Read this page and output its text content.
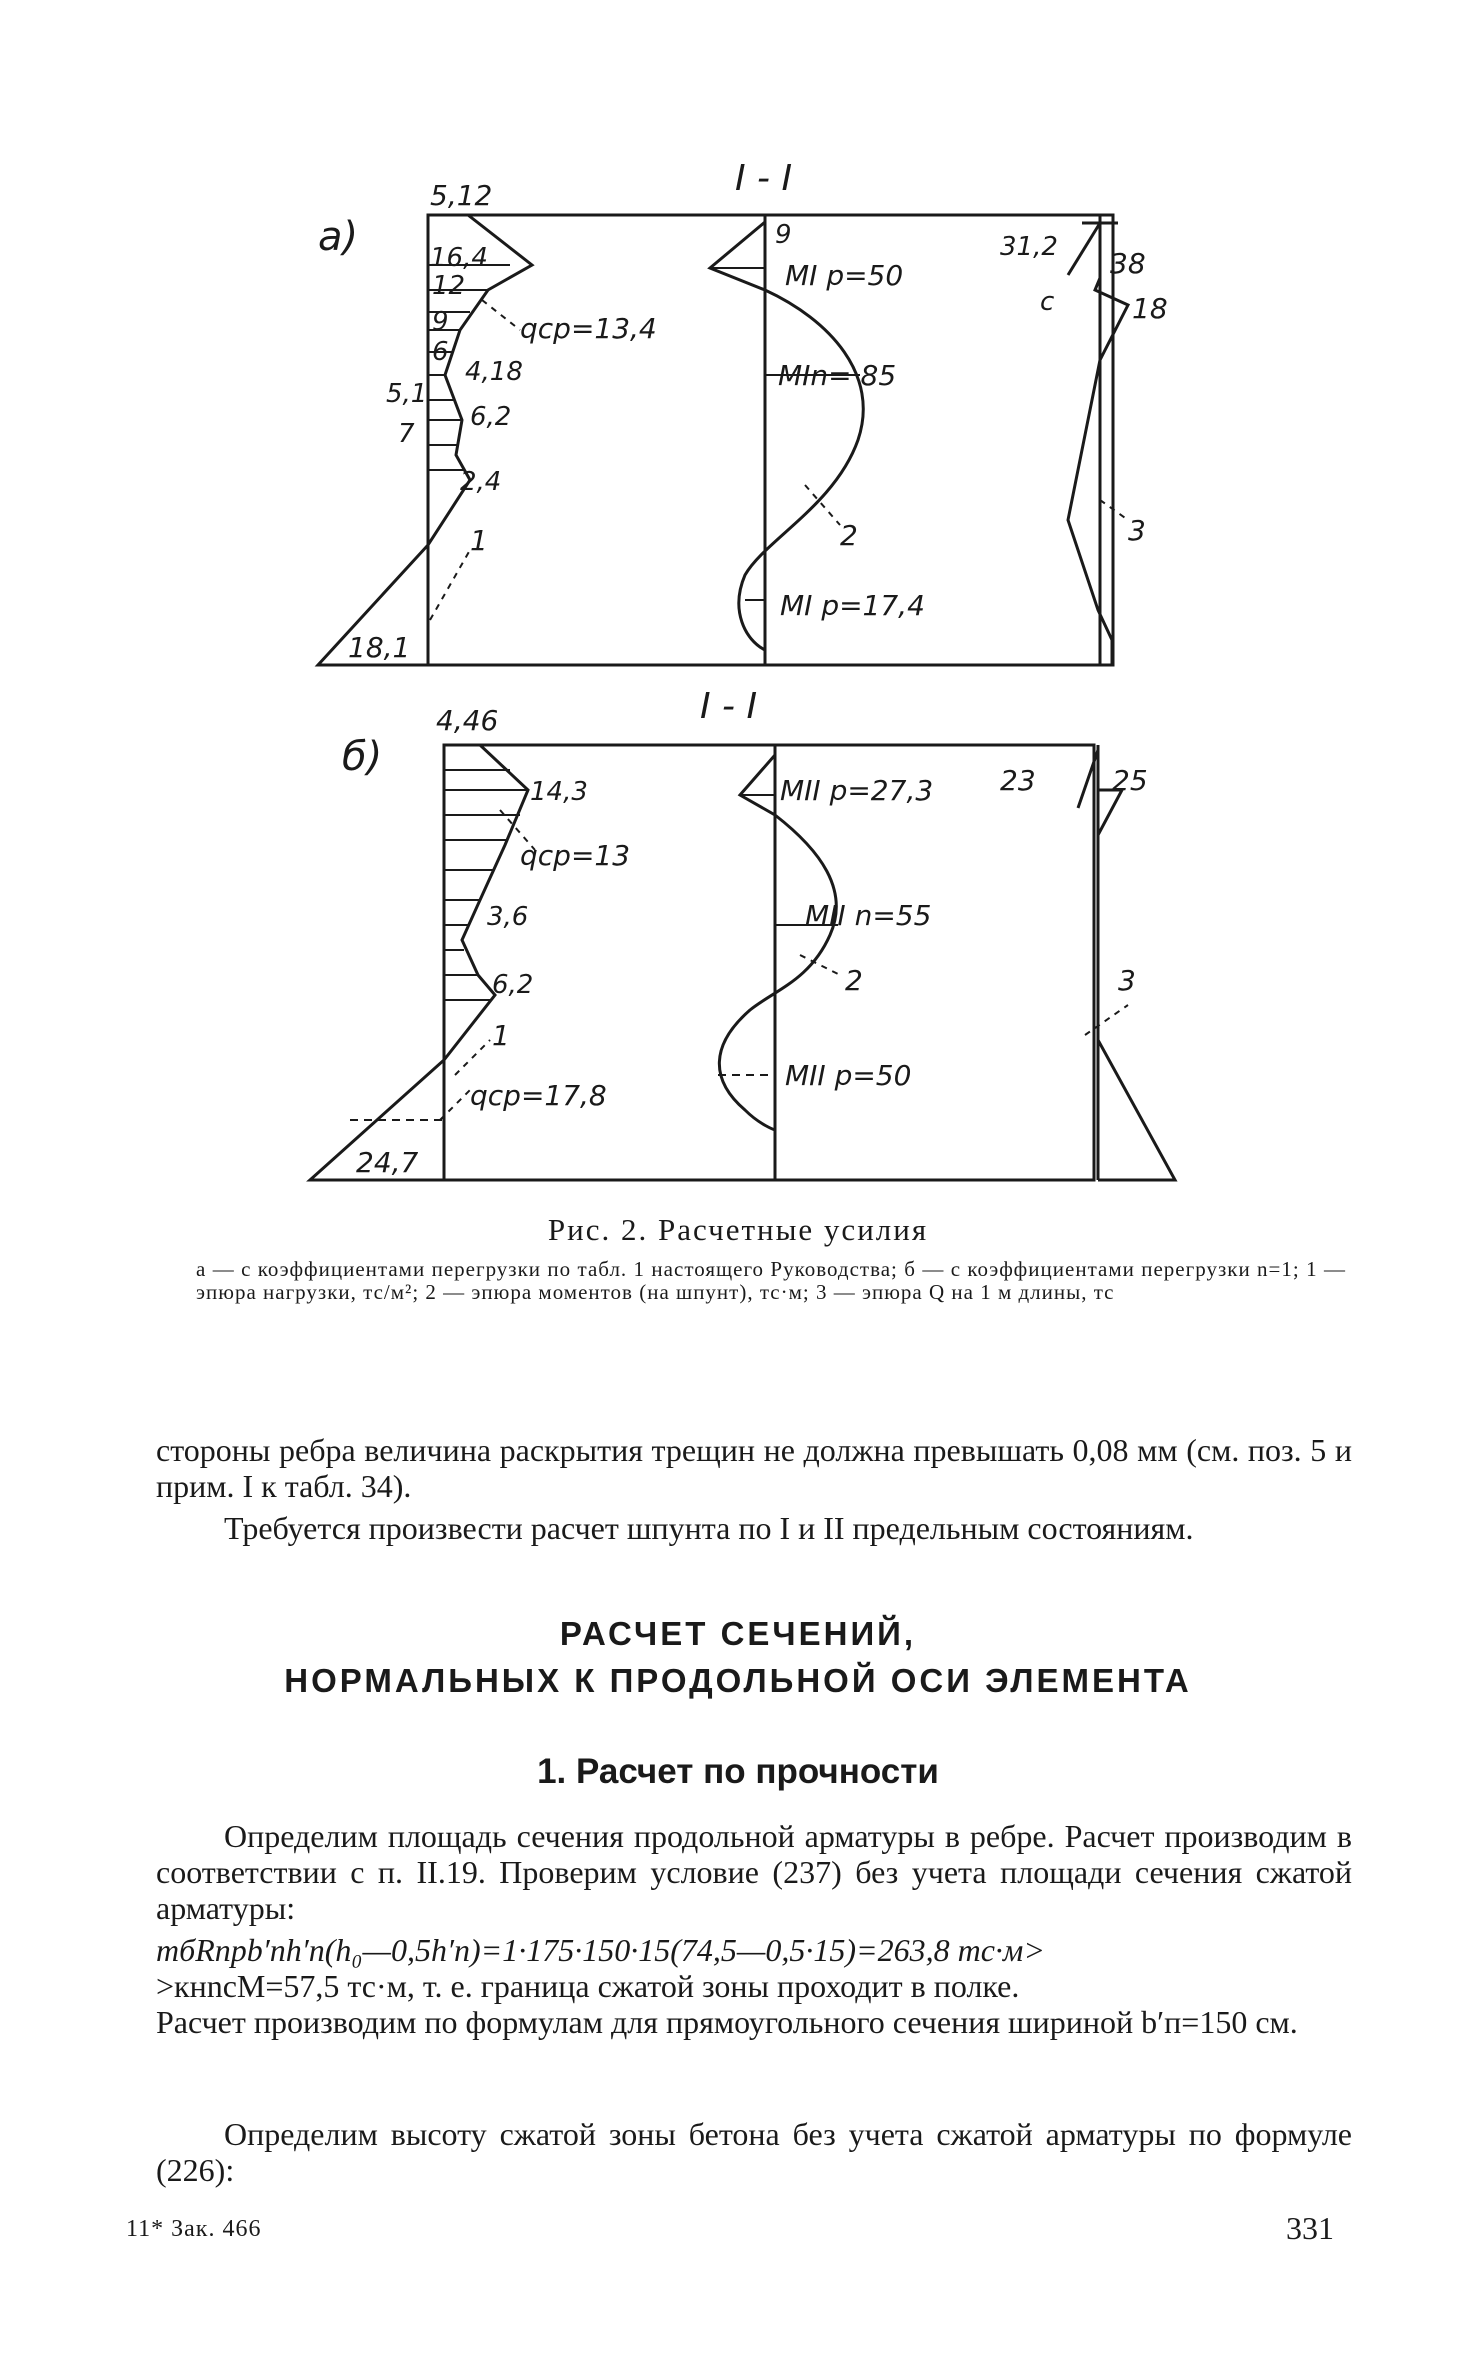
а)
I - I
5,12
16,4
12
9
6
qср=13,4
4,18
5,1
6,2
7
2,4
1
18,1
9
MI p=50
MIn= 85
2
MI p=17,4
31,2 38
c	18
3
б)
I - I
4,46
14,3
qср=13
3,6
6,2
1
qср=17,8
24,7
MII p=27,3
MII n=55
2
MII p=50
23	25
3
Рис. 2. Расчетные усилия
а — с коэффициентами перегрузки по табл. 1 настоящего Руководства; б — с коэффициентами перегрузки n=1; 1 — эпюра нагрузки, тс/м²; 2 — эпюра моментов (на шпунт), тс·м; 3 — эпюра Q на 1 м длины, тс
стороны ребра величина раскрытия трещин не должна превышать 0,08 мм (см. поз. 5 и прим. I к табл. 34).
Требуется произвести расчет шпунта по I и II предельным состояниям.
РАСЧЕТ СЕЧЕНИЙ,
НОРМАЛЬНЫХ К ПРОДОЛЬНОЙ ОСИ ЭЛЕМЕНТА
1. Расчет по прочности
Определим площадь сечения продольной арматуры в ребре. Расчет производим в соответствии с п. II.19. Проверим условие (237) без учета площади сечения сжатой арматуры:
mбRпрb′пh′п(h₀—0,5h′п)=1·175·150·15(74,5—0,5·15)=263,8 тс·м>
>кнnсM=57,5 тс·м, т. е. граница сжатой зоны проходит в полке.
Расчет производим по формулам для прямоугольного сечения шириной b′п=150 см.
Определим высоту сжатой зоны бетона без учета сжатой арматуры по формуле (226):
11* Зак. 466	331
